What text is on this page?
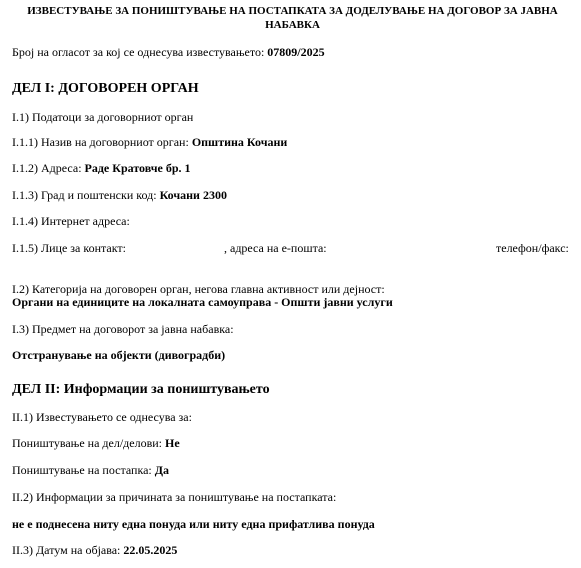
ИЗВЕСТУВАЊЕ ЗА ПОНИШТУВАЊЕ НА ПОСТАПКАТА ЗА ДОДЕЛУВАЊЕ НА ДОГОВОР ЗА ЈАВНА НАБАВКА
Број на огласот за кој се однесува известувањето: 07809/2025
ДЕЛ I: ДОГОВОРЕН ОРГАН
I.1) Податоци за договорниот орган
I.1.1) Назив на договорниот орган: Општина Кочани
I.1.2) Адреса: Раде Кратовче бр. 1
I.1.3) Град и поштенски код: Кочани 2300
I.1.4) Интернет адреса:
I.1.5) Лице за контакт:	, адреса на е-пошта:	телефон/факс:
I.2) Категорија на договорен орган, негова главна активност или дејност:
Органи на единиците на локалната самоуправа - Општи јавни услуги
I.3) Предмет на договорот за јавна набавка:
Отстранување на објекти (дивоградби)
ДЕЛ II: Информации за поништувањето
II.1) Известувањето се однесува за:
Поништување на дел/делови: Не
Поништување на постапка: Да
II.2) Информации за причината за поништување на постапката:
не е поднесена ниту една понуда или ниту една прифатлива понуда
II.3) Датум на објава: 22.05.2025
